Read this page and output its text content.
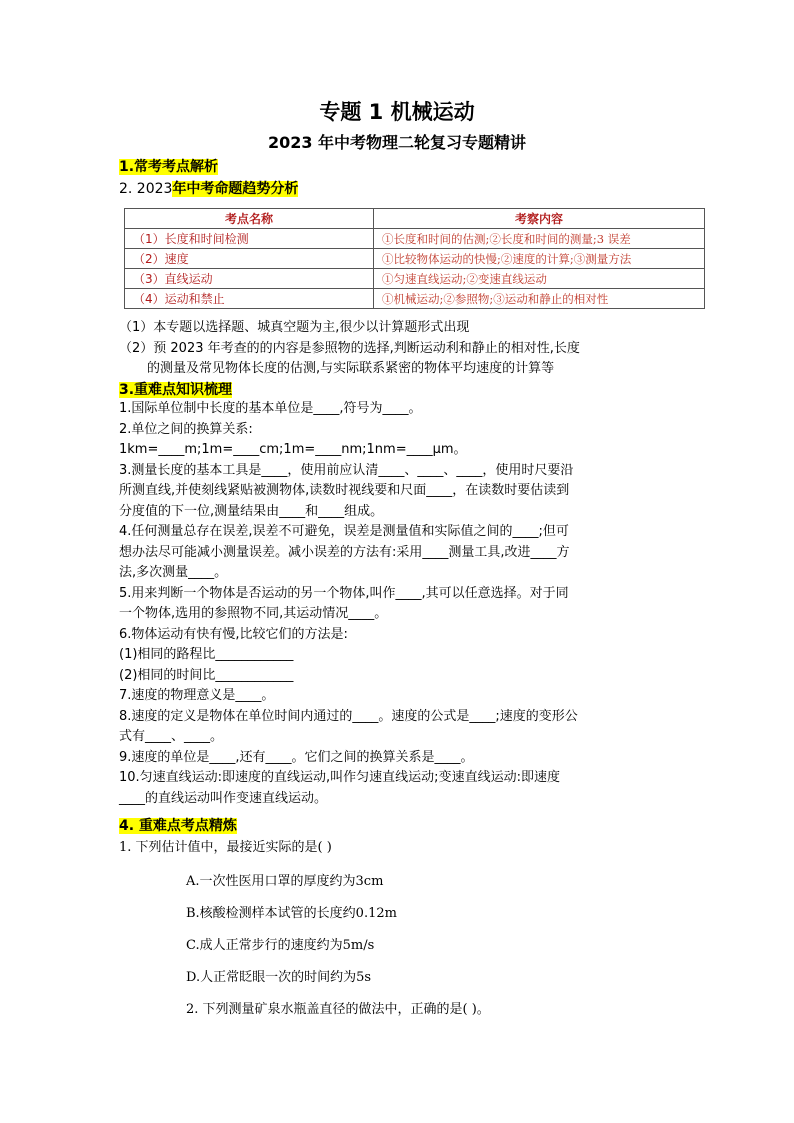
专题 1 机械运动
2023 年中考物理二轮复习专题精讲
1.常考考点解析
2. 2023年中考命题趋势分析
考点名称	考察内容
（1）长度和时间检测	①长度和时间的估测;②长度和时间的测量;3 误差
（2）速度	①比较物体运动的快慢;②速度的计算;③测量方法
（3）直线运动	①匀速直线运动;②变速直线运动
（4）运动和禁止	①机械运动;②参照物;③运动和静止的相对性

（1）本专题以选择题、城真空题为主,很少以计算题形式出现

（2）预 2023 年考查的的内容是参照物的选择,判断运动利和静止的相对性,长度

的测量及常见物体长度的估测,与实际联系紧密的物体平均速度的计算等

3.重难点知识梳理

1.国际单位制中长度的基本单位是____,符号为____。

2.单位之间的换算关系:

1km=____m;1m=____cm;1m=____nm;1nm=____μm。

3.测量长度的基本工具是____，使用前应认清____、____、____，使用时尺要沿

所测直线,并使刻线紧贴被测物体,读数时视线要和尺面____，在读数时要估读到

分度值的下一位,测量结果由____和____组成。

4.任何测量总存在误差,误差不可避免，误差是测量值和实际值之间的____;但可

想办法尽可能减小测量误差。减小误差的方法有:采用____测量工具,改进____方

法,多次测量____。

5.用来判断一个物体是否运动的另一个物体,叫作____,其可以任意选择。对于同

一个物体,选用的参照物不同,其运动情况____。

6.物体运动有快有慢,比较它们的方法是:

(1)相同的路程比____________

(2)相同的时间比____________

7.速度的物理意义是____。

8.速度的定义是物体在单位时间内通过的____。速度的公式是____;速度的变形公

式有____、____。

9.速度的单位是____,还有____。它们之间的换算关系是____。

10.匀速直线运动:即速度的直线运动,叫作匀速直线运动;变速直线运动:即速度

____的直线运动叫作变速直线运动。

4. 重难点考点精炼
1. 下列估计值中，最接近实际的是( )
A.一次性医用口罩的厚度约为3cm
B.核酸检测样本试管的长度约0.12m
C.成人正常步行的速度约为5m/s
D.人正常眨眼一次的时间约为5s
2. 下列测量矿泉水瓶盖直径的做法中，正确的是( )。
